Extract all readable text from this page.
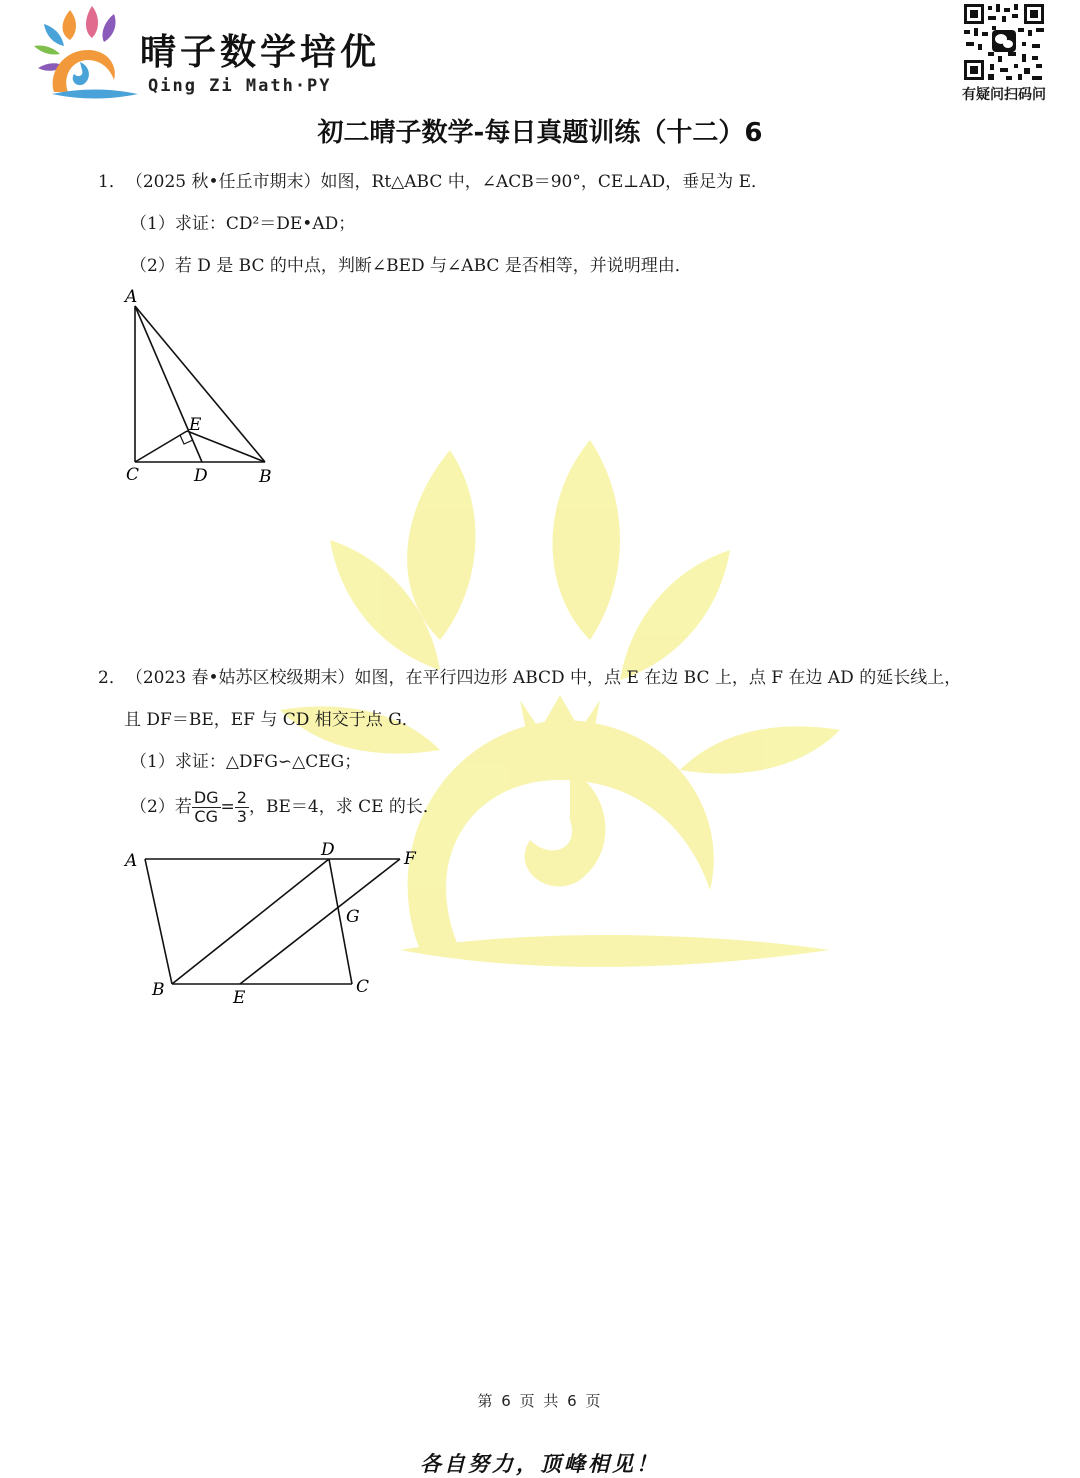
晴子数学培优
Qing Zi Math·PY	有疑问扫码问
初二晴子数学-每日真题训练（十二）6
1．（2025 秋•任丘市期末）如图，Rt△ABC 中，∠ACB＝90°，CE⊥AD，垂足为 E．
（1）求证：CD²＝DE•AD；
（2）若 D 是 BC 的中点，判断∠BED 与∠ABC 是否相等，并说明理由．
A
E
C	D	B
2．（2023 春•姑苏区校级期末）如图，在平行四边形 ABCD 中，点 E 在边 BC 上，点 F 在边 AD 的延长线上，
且 DF＝BE，EF 与 CD 相交于点 G．
（1）求证：△DFG∽△CEG；
（2）若 $\frac{DG}{CG} = \frac{2}{3}$ ，BE＝4，求 CE 的长．
A
D	F
G
B	E
C
第 6 页 共 6 页
各自努力，顶峰相见！
